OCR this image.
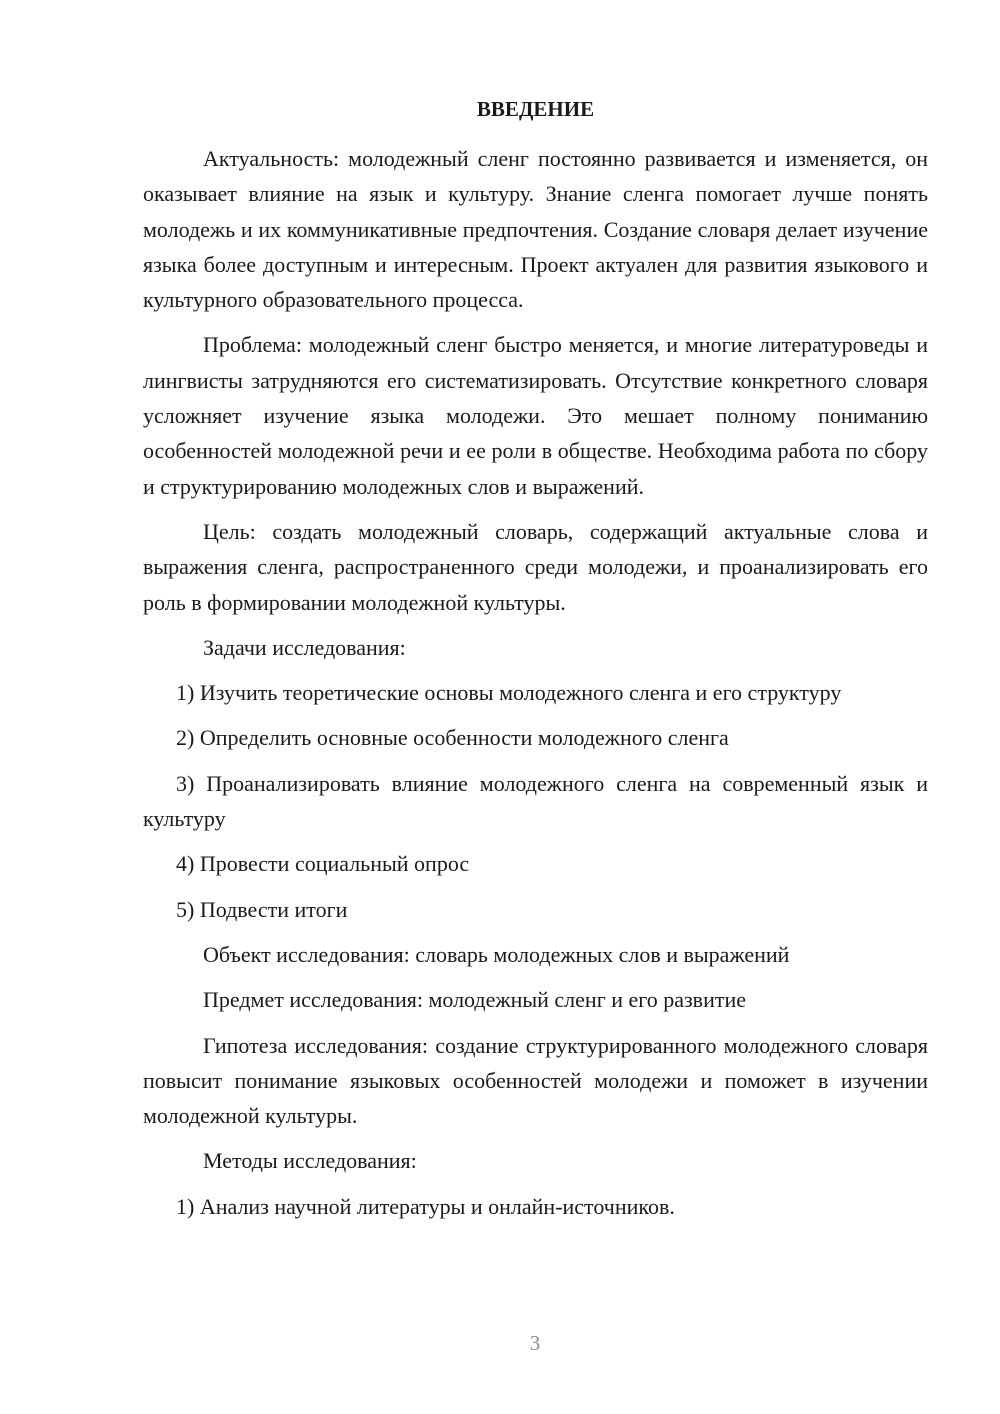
ВВЕДЕНИЕ

Актуальность: молодежный сленг постоянно развивается и изменяется, он оказывает влияние на язык и культуру. Знание сленга помогает лучше понять молодежь и их коммуникативные предпочтения. Создание словаря делает изучение языка более доступным и интересным. Проект актуален для развития языкового и культурного образовательного процесса.

Проблема: молодежный сленг быстро меняется, и многие литературоведы и лингвисты затрудняются его систематизировать. Отсутствие конкретного словаря усложняет изучение языка молодежи. Это мешает полному пониманию особенностей молодежной речи и ее роли в обществе. Необходима работа по сбору и структурированию молодежных слов и выражений.

Цель: создать молодежный словарь, содержащий актуальные слова и выражения сленга, распространенного среди молодежи, и проанализировать его роль в формировании молодежной культуры.

Задачи исследования:
1) Изучить теоретические основы молодежного сленга и его структуру
2) Определить основные особенности молодежного сленга

3) Проанализировать влияние молодежного сленга на современный язык и культуру

4) Провести социальный опрос
5) Подвести итоги
Объект исследования: словарь молодежных слов и выражений
Предмет исследования: молодежный сленг и его развитие

Гипотеза исследования: создание структурированного молодежного словаря повысит понимание языковых особенностей молодежи и поможет в изучении молодежной культуры.

Методы исследования:
1) Анализ научной литературы и онлайн-источников.
3
